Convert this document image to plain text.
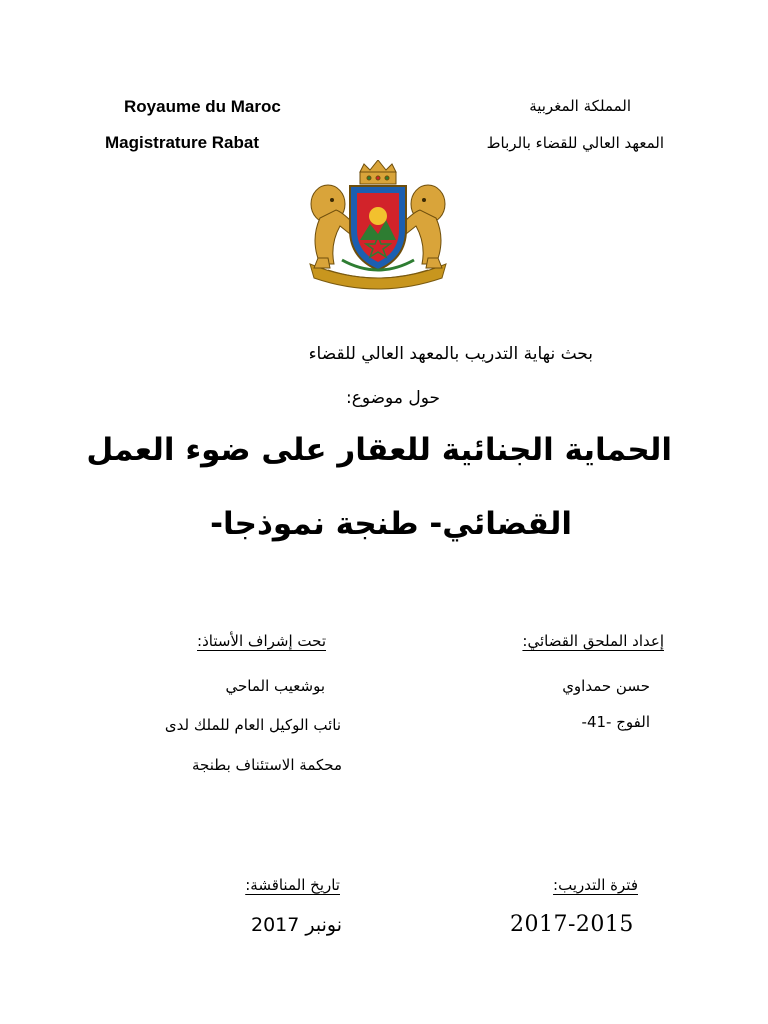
Royaume du Maroc
Magistrature Rabat
المملكة المغربية
المعهد العالي للقضاء بالرباط
بحث نهاية التدريب بالمعهد العالي للقضاء
حول موضوع:
الحماية الجنائية للعقار على ضوء العمل
القضائي- طنجة نموذجا-
إعداد الملحق القضائي:
حسن حمداوي
الفوج -41-
تحت إشراف الأستاذ:
بوشعيب الماحي
نائب الوكيل العام للملك لدى
محكمة الاستئناف بطنجة
فترة التدريب:
2017-2015
تاريخ المناقشة:
نونبر 2017
